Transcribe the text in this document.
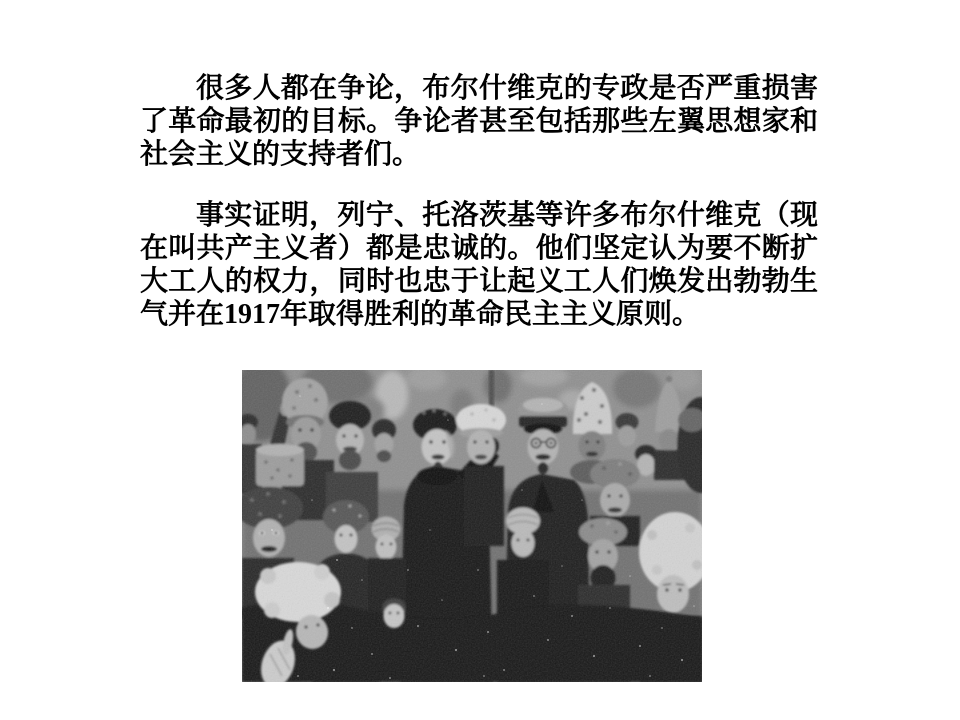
很多人都在争论，布尔什维克的专政是否严重损害了革命最初的目标。争论者甚至包括那些左翼思想家和社会主义的支持者们。

事实证明，列宁、托洛茨基等许多布尔什维克（现在叫共产主义者）都是忠诚的。他们坚定认为要不断扩大工人的权力，同时也忠于让起义工人们焕发出勃勃生气并在1917年取得胜利的革命民主主义原则。
